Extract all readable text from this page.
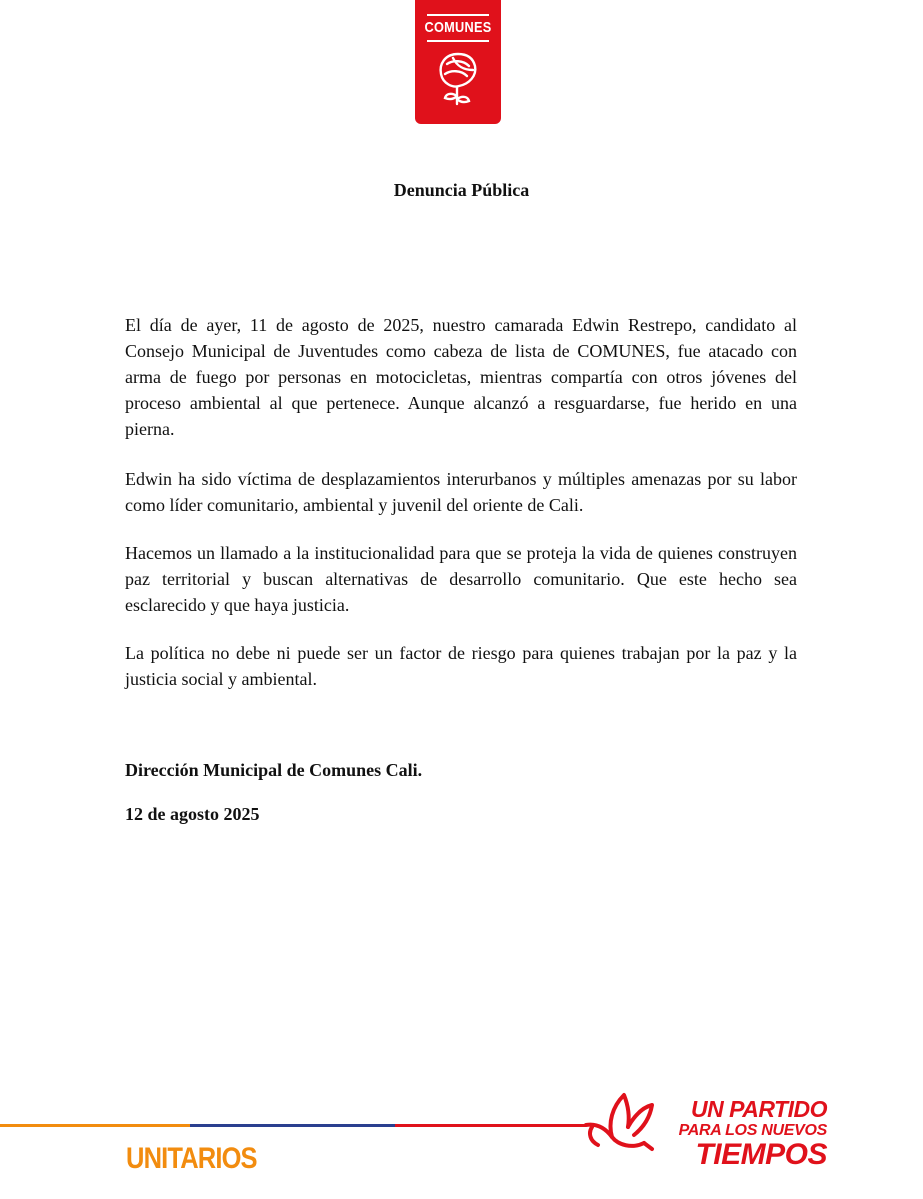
COMUNES
Denuncia Pública

El día de ayer, 11 de agosto de 2025, nuestro camarada Edwin Restrepo, candidato al Consejo Municipal de Juventudes como cabeza de lista de COMUNES, fue atacado con arma de fuego por personas en motocicletas, mientras compartía con otros jóvenes del proceso ambiental al que pertenece. Aunque alcanzó a resguardarse, fue herido en una pierna.

Edwin ha sido víctima de desplazamientos interurbanos y múltiples amenazas por su labor como líder comunitario, ambiental y juvenil del oriente de Cali.

Hacemos un llamado a la institucionalidad para que se proteja la vida de quienes construyen paz territorial y buscan alternativas de desarrollo comunitario. Que este hecho sea esclarecido y que haya justicia.

La política no debe ni puede ser un factor de riesgo para quienes trabajan por la paz y la justicia social y ambiental.

Dirección Municipal de Comunes Cali.
12 de agosto 2025
UNITARIOS
UN PARTIDO
PARA LOS NUEVOS
TIEMPOS
